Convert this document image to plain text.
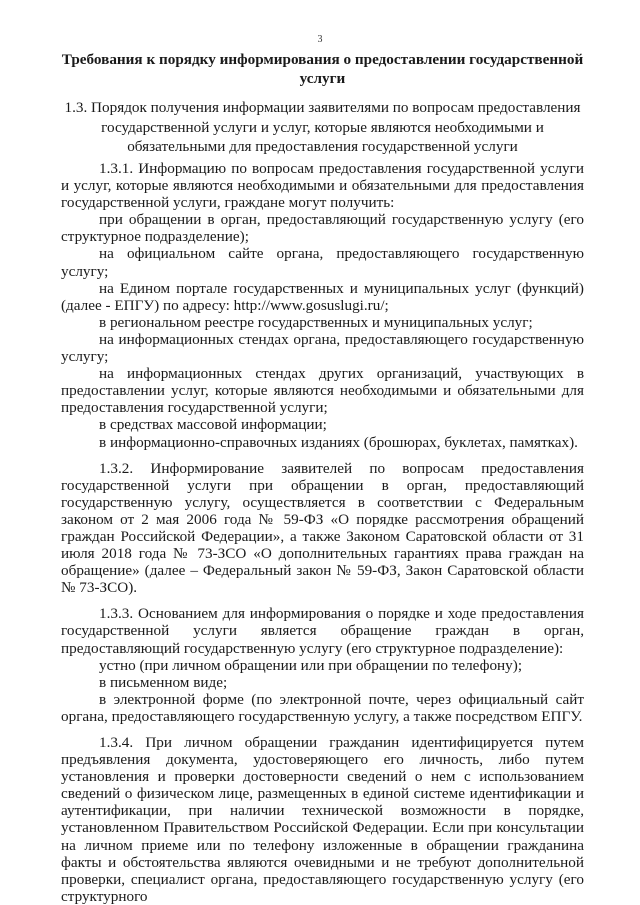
3
Требования к порядку информирования о предоставлении государственной услуги
1.3. Порядок получения информации заявителями по вопросам предоставления государственной услуги и услуг, которые являются необходимыми и обязательными для предоставления государственной услуги

1.3.1. Информацию по вопросам предоставления государственной услуги и услуг, которые являются необходимыми и обязательными для предоставления государственной услуги, граждане могут получить:

при обращении в орган, предоставляющий государственную услугу (его структурное подразделение);

на официальном сайте органа, предоставляющего государственную услугу;

на Едином портале государственных и муниципальных услуг (функций) (далее - ЕПГУ) по адресу: http://www.gosuslugi.ru/;

в региональном реестре государственных и муниципальных услуг;

на информационных стендах органа, предоставляющего государственную услугу;

на информационных стендах других организаций, участвующих в предоставлении услуг, которые являются необходимыми и обязательными для предоставления государственной услуги;

в средствах массовой информации;

в информационно-справочных изданиях (брошюрах, буклетах, памятках).

1.3.2. Информирование заявителей по вопросам предоставления государственной услуги при обращении в орган, предоставляющий государственную услугу, осуществляется в соответствии с Федеральным законом от 2 мая 2006 года № 59-ФЗ «О порядке рассмотрения обращений граждан Российской Федерации», а также Законом Саратовской области от 31 июля 2018 года № 73-ЗСО «О дополнительных гарантиях права граждан на обращение» (далее – Федеральный закон № 59-ФЗ, Закон Саратовской области № 73-ЗСО).

1.3.3. Основанием для информирования о порядке и ходе предоставления государственной услуги является обращение граждан в орган, предоставляющий государственную услугу (его структурное подразделение):

устно (при личном обращении или при обращении по телефону);

в письменном виде;

в электронной форме (по электронной почте, через официальный сайт органа, предоставляющего государственную услугу, а также посредством ЕПГУ.

1.3.4. При личном обращении гражданин идентифицируется путем предъявления документа, удостоверяющего его личность, либо путем установления и проверки достоверности сведений о нем с использованием сведений о физическом лице, размещенных в единой системе идентификации и аутентификации, при наличии технической возможности в порядке, установленном Правительством Российской Федерации. Если при консультации на личном приеме или по телефону изложенные в обращении гражданина факты и обстоятельства являются очевидными и не требуют дополнительной проверки, специалист органа, предоставляющего государственную услугу (его структурного
